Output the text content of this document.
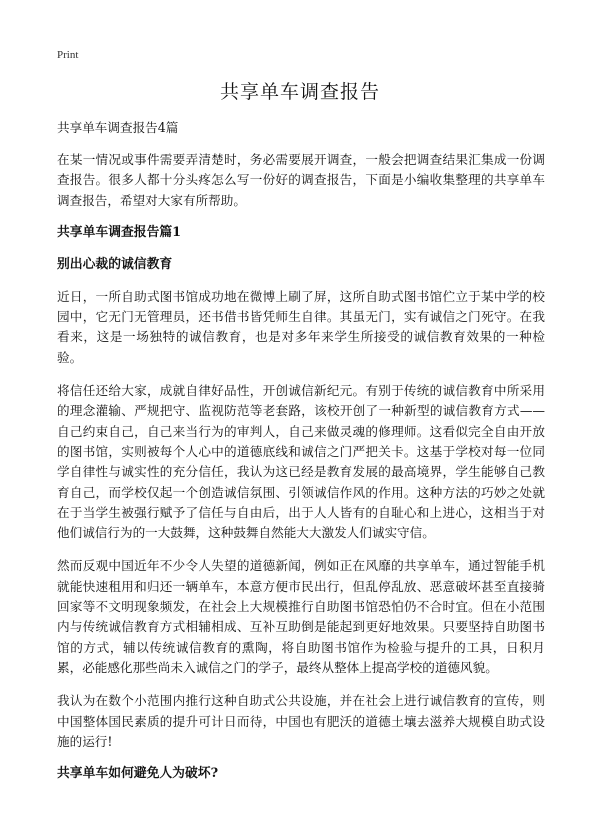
Print
共享单车调查报告

共享单车调查报告4篇

在某一情况或事件需要弄清楚时，务必需要展开调查，一般会把调查结果汇集成一份调查报告。很多人都十分头疼怎么写一份好的调查报告，下面是小编收集整理的共享单车调查报告，希望对大家有所帮助。

共享单车调查报告篇1

别出心裁的诚信教育

近日，一所自助式图书馆成功地在微博上刷了屏，这所自助式图书馆伫立于某中学的校园中，它无门无管理员，还书借书皆凭师生自律。其虽无门，实有诚信之门死守。在我看来，这是一场独特的诚信教育，也是对多年来学生所接受的诚信教育效果的一种检验。

将信任还给大家，成就自律好品性，开创诚信新纪元。有别于传统的诚信教育中所采用的理念灌输、严规把守、监视防范等老套路，该校开创了一种新型的诚信教育方式——自己约束自己，自己来当行为的审判人，自己来做灵魂的修理师。这看似完全自由开放的图书馆，实则被每个人心中的道德底线和诚信之门严把关卡。这基于学校对每一位同学自律性与诚实性的充分信任，我认为这已经是教育发展的最高境界，学生能够自己教育自己，而学校仅起一个创造诚信氛围、引领诚信作风的作用。这种方法的巧妙之处就在于当学生被强行赋予了信任与自由后，出于人人皆有的自耻心和上进心，这相当于对他们诚信行为的一大鼓舞，这种鼓舞自然能大大激发人们诚实守信。

然而反观中国近年不少令人失望的道德新闻，例如正在风靡的共享单车，通过智能手机就能快速租用和归还一辆单车，本意方便市民出行，但乱停乱放、恶意破坏甚至直接骑回家等不文明现象频发，在社会上大规模推行自助图书馆恐怕仍不合时宜。但在小范围内与传统诚信教育方式相辅相成、互补互助倒是能起到更好地效果。只要坚持自助图书馆的方式，辅以传统诚信教育的熏陶，将自助图书馆作为检验与提升的工具，日积月累，必能感化那些尚未入诚信之门的学子，最终从整体上提高学校的道德风貌。

我认为在数个小范围内推行这种自助式公共设施，并在社会上进行诚信教育的宣传，则中国整体国民素质的提升可计日而待，中国也有肥沃的道德土壤去滋养大规模自助式设施的运行!

共享单车如何避免人为破坏?
